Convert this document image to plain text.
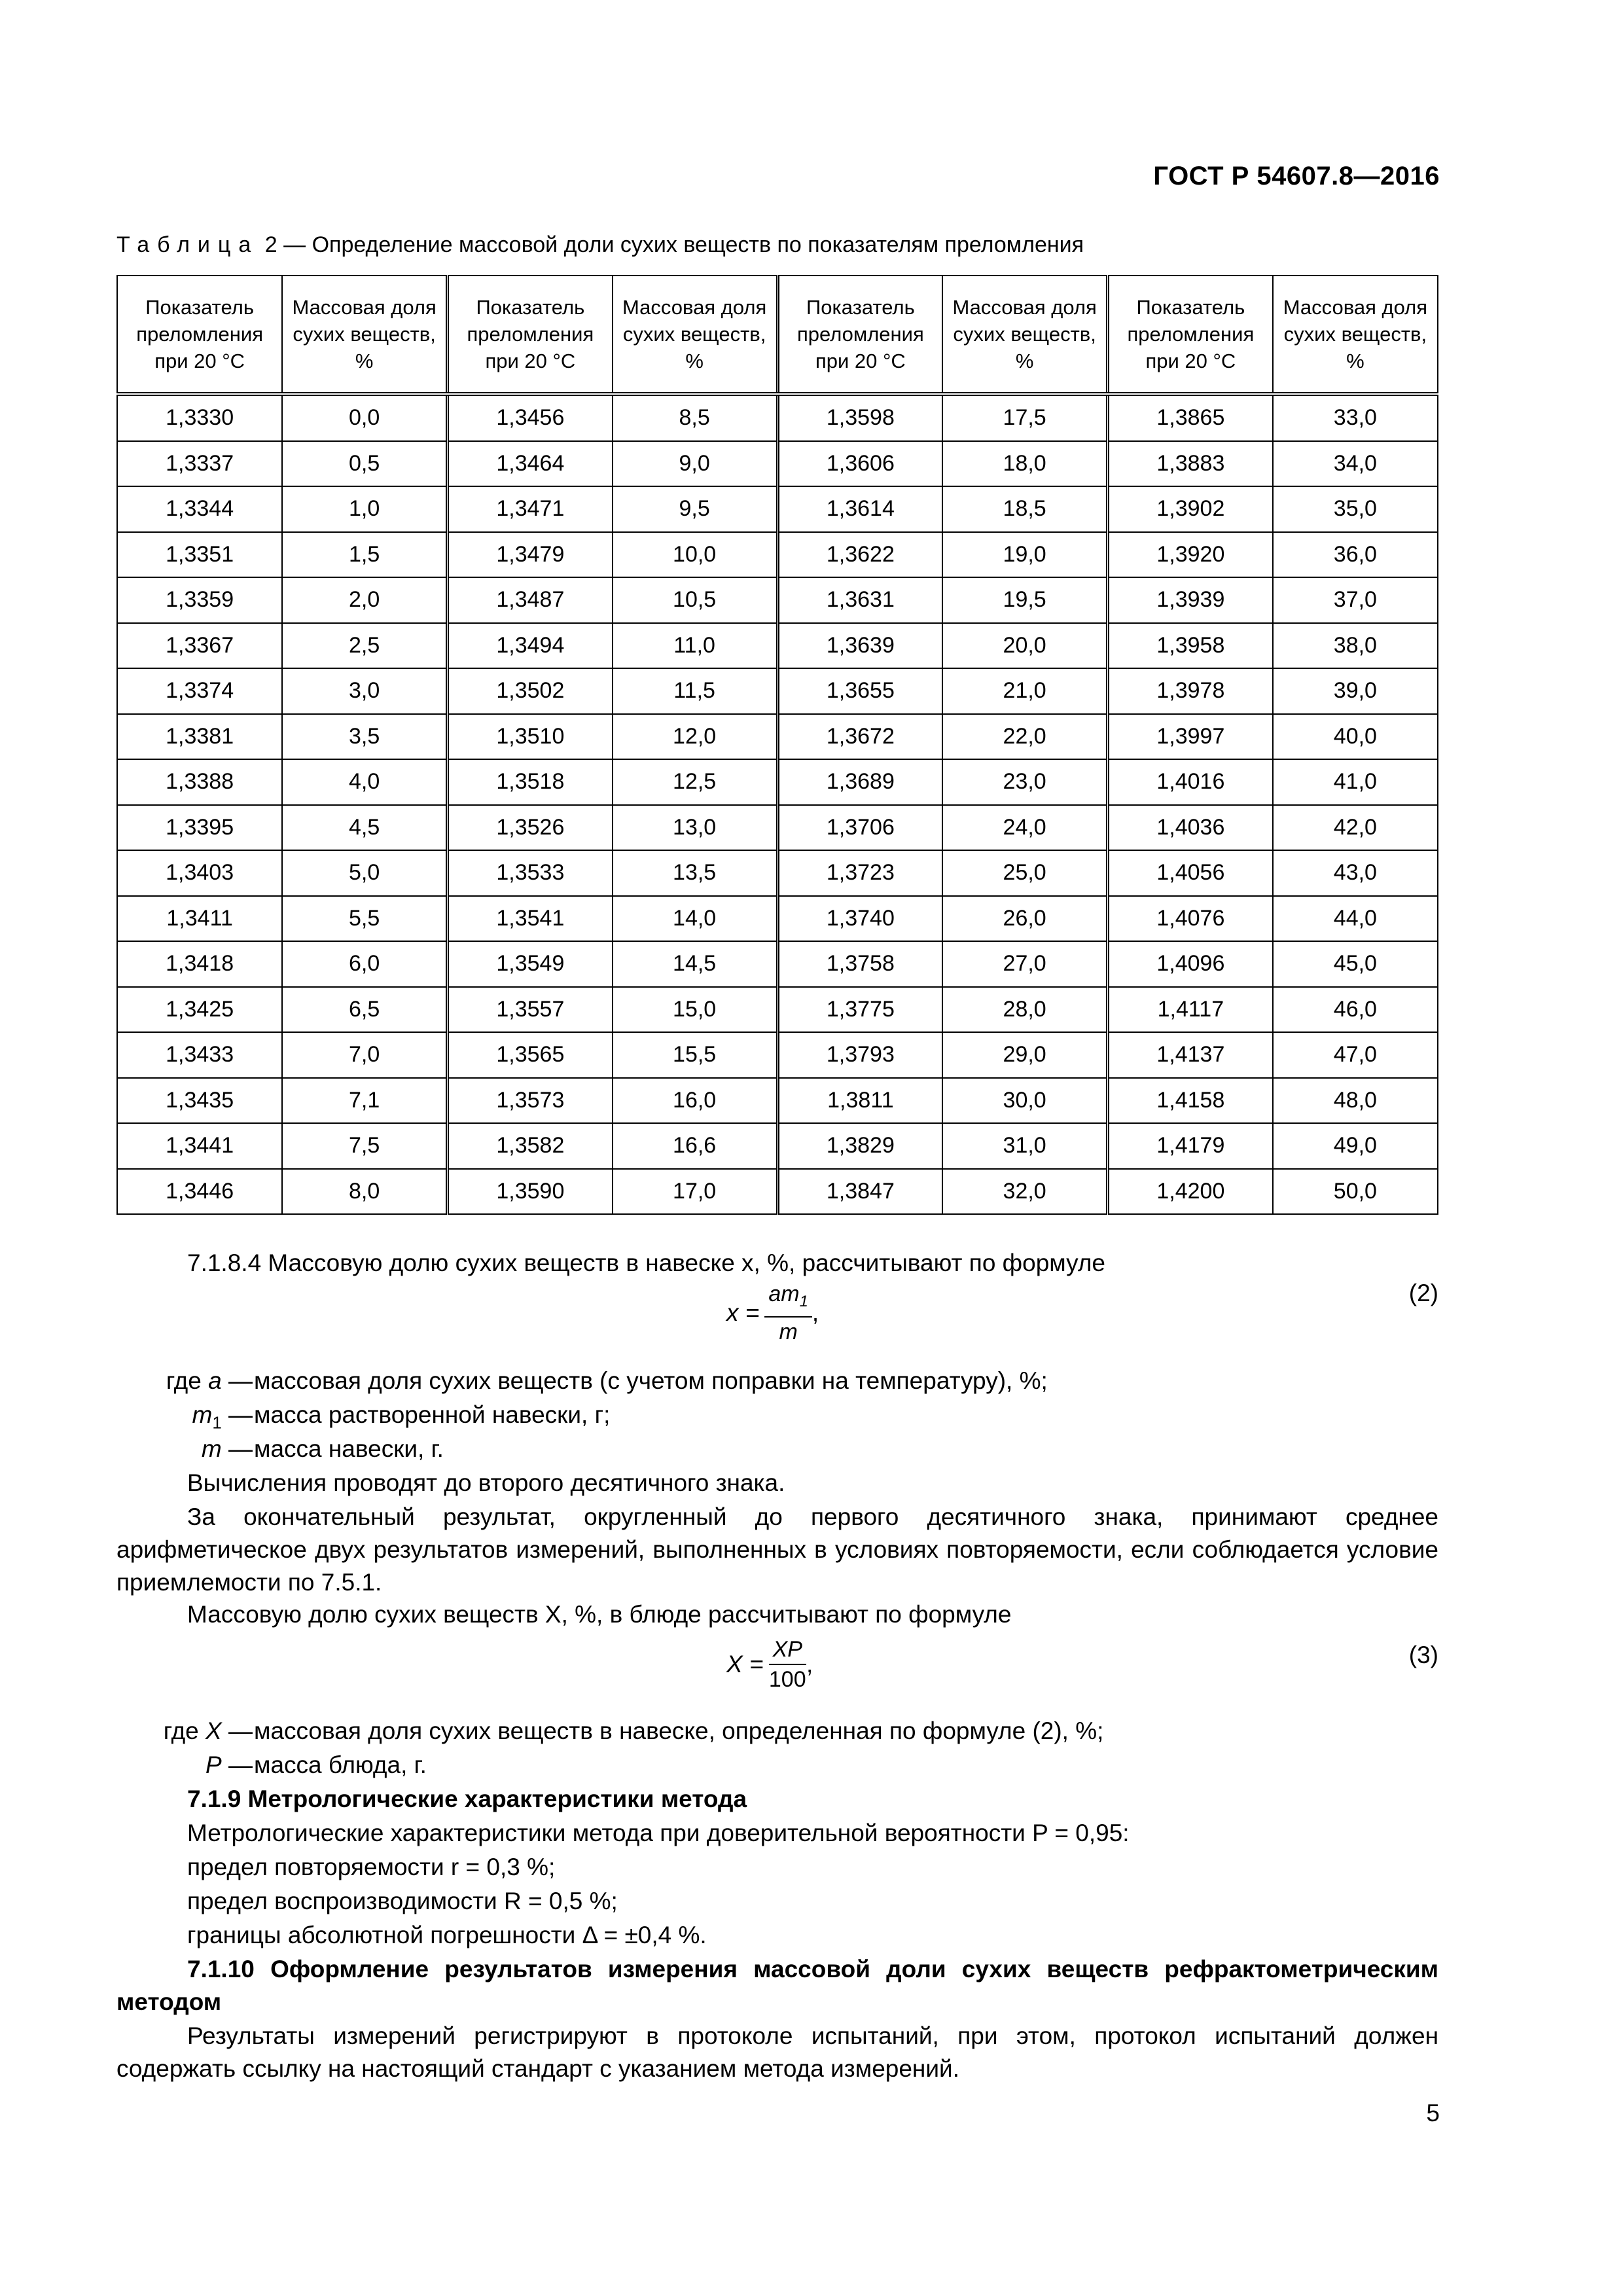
ГОСТ Р 54607.8—2016
Таблица 2 — Определение массовой доли сухих веществ по показателям преломления
Показатель преломления при 20 °С	Массовая доля сухих веществ, %	Показатель преломления при 20 °С	Массовая доля сухих веществ, %	Показатель преломления при 20 °С	Массовая доля сухих веществ, %	Показатель преломления при 20 °С	Массовая доля сухих веществ, %
1,3330	0,0	1,3456	8,5	1,3598	17,5	1,3865	33,0
1,3337	0,5	1,3464	9,0	1,3606	18,0	1,3883	34,0
1,3344	1,0	1,3471	9,5	1,3614	18,5	1,3902	35,0
1,3351	1,5	1,3479	10,0	1,3622	19,0	1,3920	36,0
1,3359	2,0	1,3487	10,5	1,3631	19,5	1,3939	37,0
1,3367	2,5	1,3494	11,0	1,3639	20,0	1,3958	38,0
1,3374	3,0	1,3502	11,5	1,3655	21,0	1,3978	39,0
1,3381	3,5	1,3510	12,0	1,3672	22,0	1,3997	40,0
1,3388	4,0	1,3518	12,5	1,3689	23,0	1,4016	41,0
1,3395	4,5	1,3526	13,0	1,3706	24,0	1,4036	42,0
1,3403	5,0	1,3533	13,5	1,3723	25,0	1,4056	43,0
1,3411	5,5	1,3541	14,0	1,3740	26,0	1,4076	44,0
1,3418	6,0	1,3549	14,5	1,3758	27,0	1,4096	45,0
1,3425	6,5	1,3557	15,0	1,3775	28,0	1,4117	46,0
1,3433	7,0	1,3565	15,5	1,3793	29,0	1,4137	47,0
1,3435	7,1	1,3573	16,0	1,3811	30,0	1,4158	48,0
1,3441	7,5	1,3582	16,6	1,3829	31,0	1,4179	49,0
1,3446	8,0	1,3590	17,0	1,3847	32,0	1,4200	50,0
7.1.8.4 Массовую долю сухих веществ в навеске x, %, рассчитывают по формуле
$x = \frac{am_1}{m}$ ,
(2)
где a — массовая доля сухих веществ (с учетом поправки на температуру), %;
$m_1$ — масса растворенной навески, г;
m — масса навески, г.
Вычисления проводят до второго десятичного знака.
За окончательный результат, округленный до первого десятичного знака, принимают среднее арифметическое двух результатов измерений, выполненных в условиях повторяемости, если соблюдается условие приемлемости по 7.5.1.
Массовую долю сухих веществ X, %, в блюде рассчитывают по формуле
$X = \frac{XP}{100}$ ,	(3)
где X — массовая доля сухих веществ в навеске, определенная по формуле (2), %;
P — масса блюда, г.
7.1.9 Метрологические характеристики метода
Метрологические характеристики метода при доверительной вероятности P = 0,95:
предел повторяемости r = 0,3 %;
предел воспроизводимости R = 0,5 %;
границы абсолютной погрешности Δ = ±0,4 %.
7.1.10 Оформление результатов измерения массовой доли сухих веществ рефрактометрическим методом
Результаты измерений регистрируют в протоколе испытаний, при этом, протокол испытаний должен содержать ссылку на настоящий стандарт с указанием метода измерений.
5
